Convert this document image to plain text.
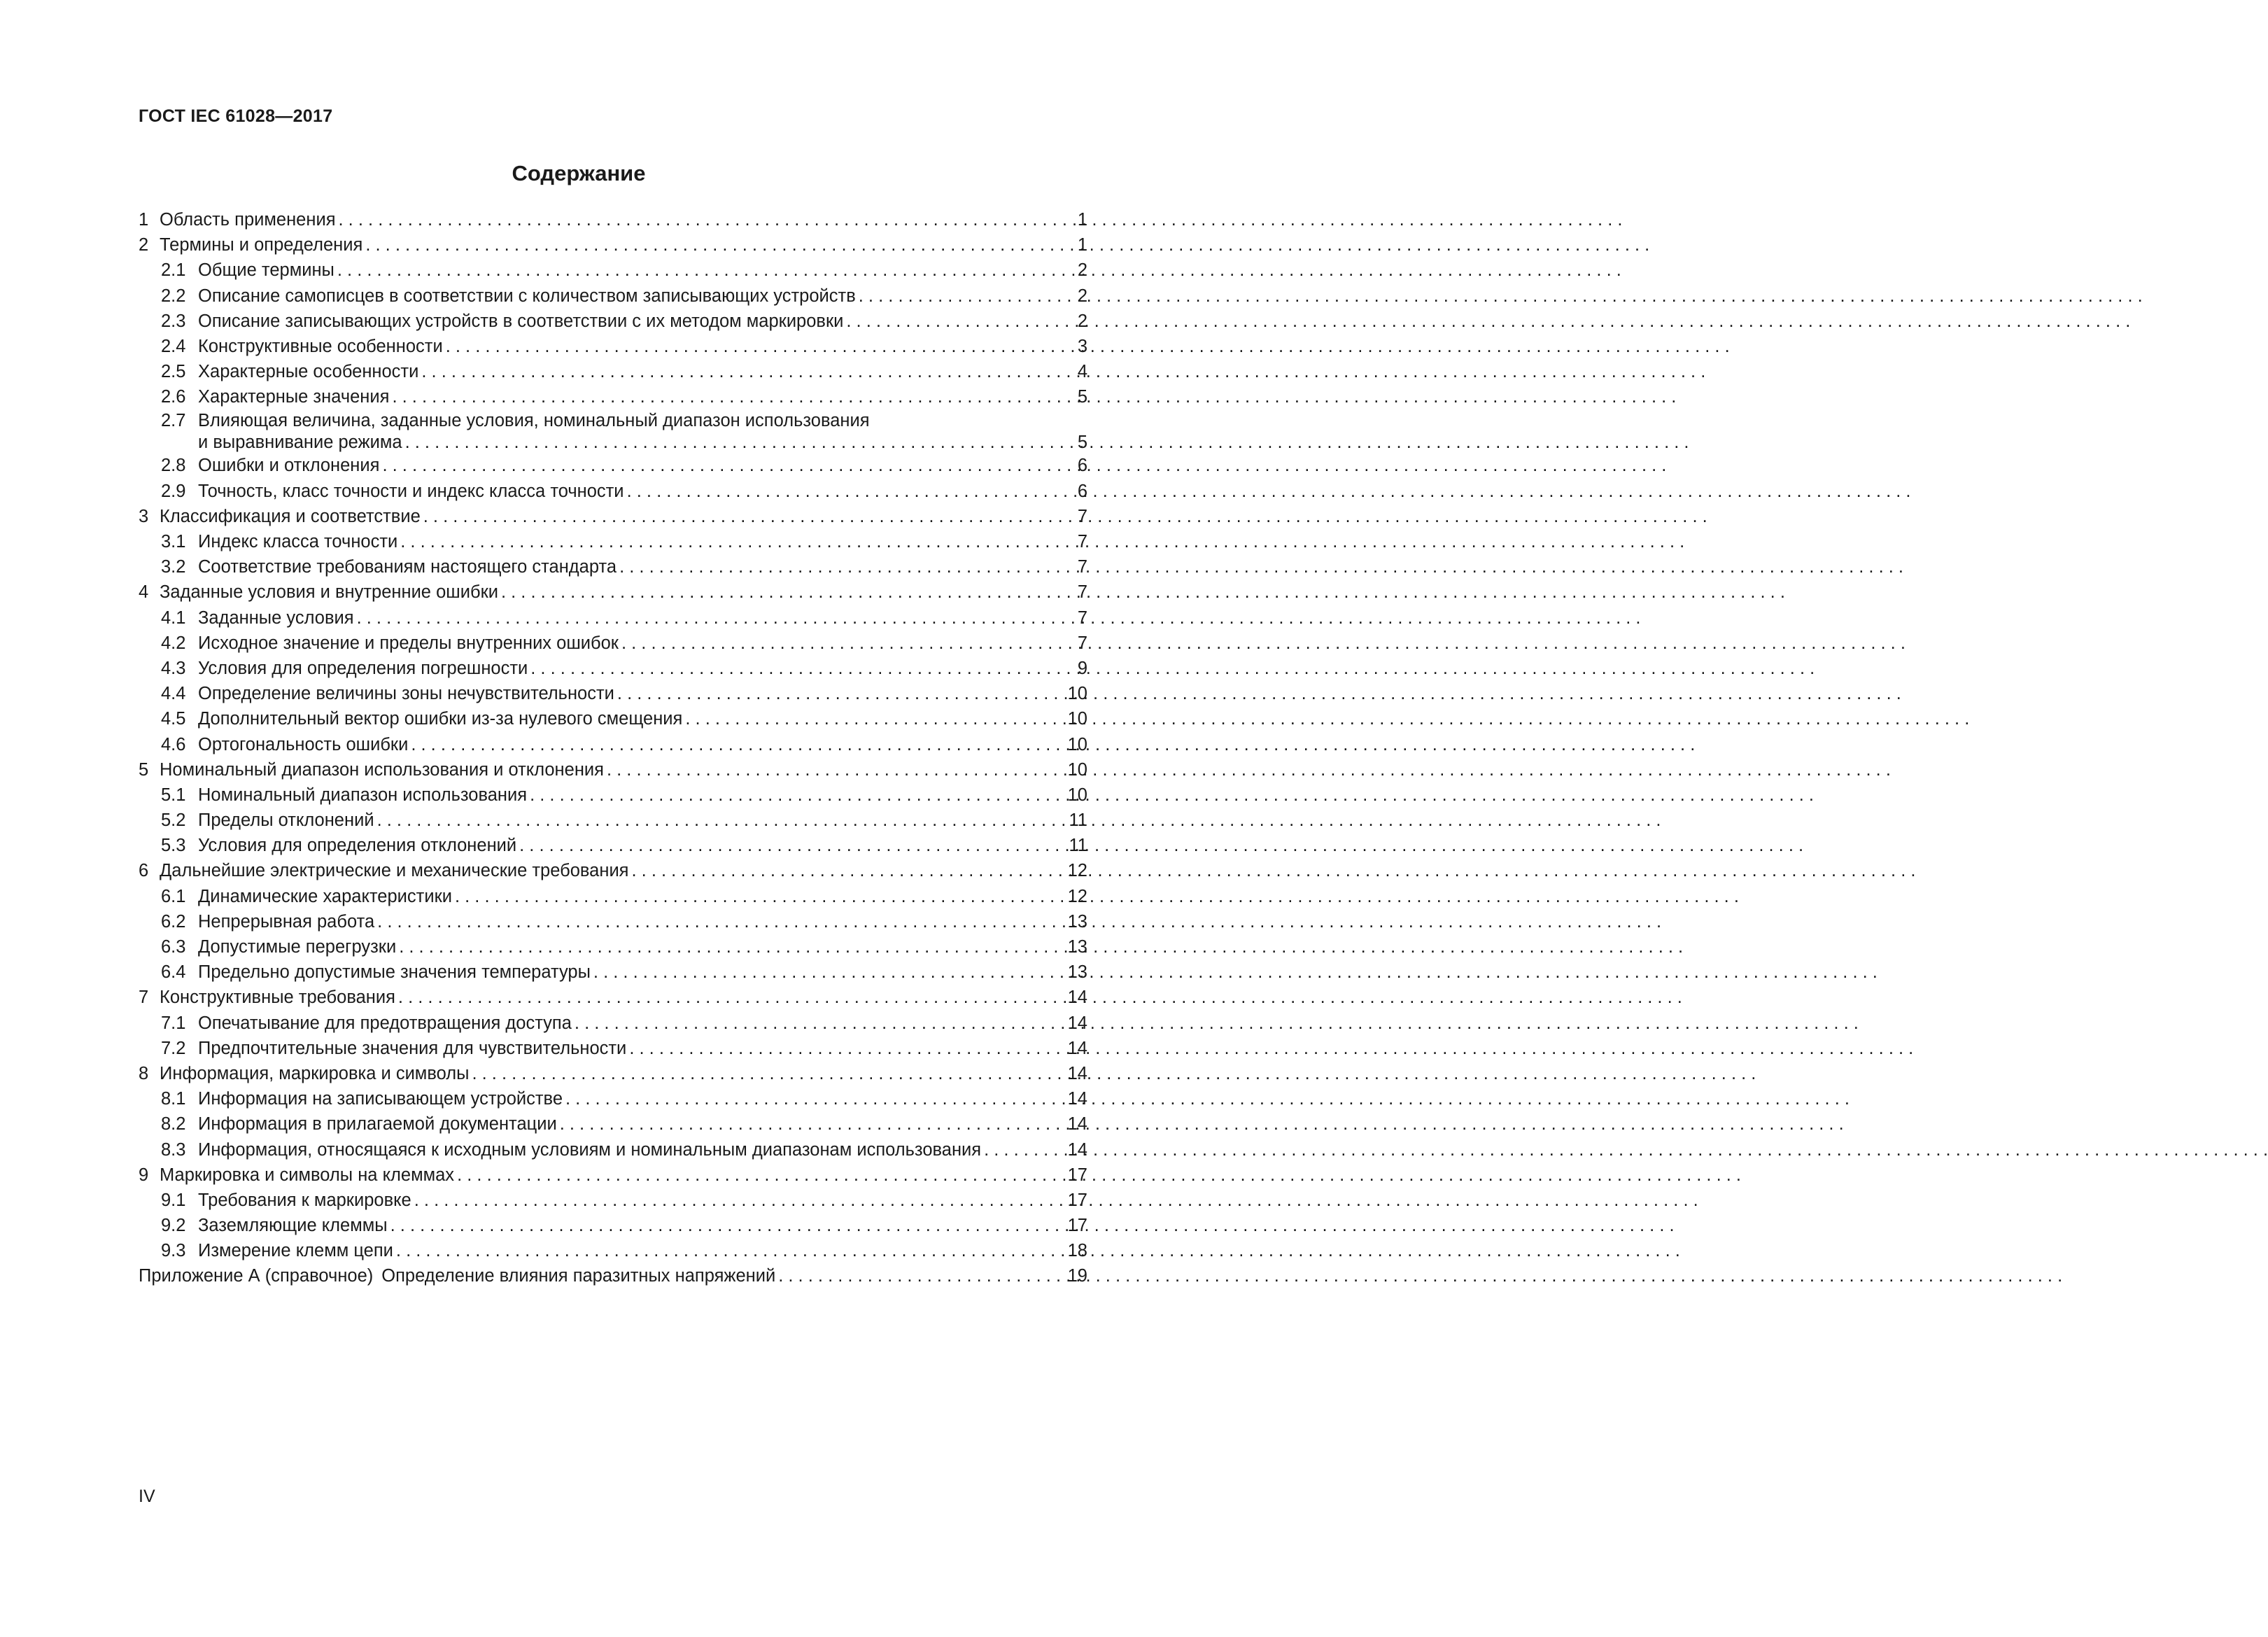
ГОСТ IEC 61028—2017
Содержание
1 Область применения . . .	1
2 Термины и определения . . .	1
2.1 Общие термины . . .	2
2.2 Описание самописцев в соответствии с количеством записывающих устройств . . .	2
2.3 Описание записывающих устройств в соответствии с их методом маркировки . . .	2
2.4 Конструктивные особенности . . .	3
2.5 Характерные особенности . . .	4
2.6 Характерные значения . . .	5
2.7 Влияющая величина, заданные условия, номинальный диапазон использования
и выравнивание режима . . .	5
2.8 Ошибки и отклонения . . .	6
2.9 Точность, класс точности и индекс класса точности . . .	6
3 Классификация и соответствие . . .	7
3.1 Индекс класса точности . . .	7
3.2 Соответствие требованиям настоящего стандарта . . .	7
4 Заданные условия и внутренние ошибки . . .	7
4.1 Заданные условия . . .	7
4.2 Исходное значение и пределы внутренних ошибок . . .	7
4.3 Условия для определения погрешности . . .	9
4.4 Определение величины зоны нечувствительности . . .	10
4.5 Дополнительный вектор ошибки из-за нулевого смещения . . .	10
4.6 Ортогональность ошибки . . .	10
5 Номинальный диапазон использования и отклонения . . .	10
5.1 Номинальный диапазон использования . . .	10
5.2 Пределы отклонений . . .	11
5.3 Условия для определения отклонений . . .	11
6 Дальнейшие электрические и механические требования . . .	12
6.1 Динамические характеристики . . .	12
6.2 Непрерывная работа . . .	13
6.3 Допустимые перегрузки . . .	13
6.4 Предельно допустимые значения температуры . . .	13
7 Конструктивные требования . . .	14
7.1 Опечатывание для предотвращения доступа . . .	14
7.2 Предпочтительные значения для чувствительности . . .	14
8 Информация, маркировка и символы . . .	14
8.1 Информация на записывающем устройстве . . .	14
8.2 Информация в прилагаемой документации . . .	14
8.3 Информация, относящаяся к исходным условиям и номинальным диапазонам использования . . .	14
9 Маркировка и символы на клеммах . . .	17
9.1 Требования к маркировке . . .	17
9.2 Заземляющие клеммы . . .	17
9.3 Измерение клемм цепи . . .	18
Приложение А (справочное) Определение влияния паразитных напряжений . . .	19
IV
